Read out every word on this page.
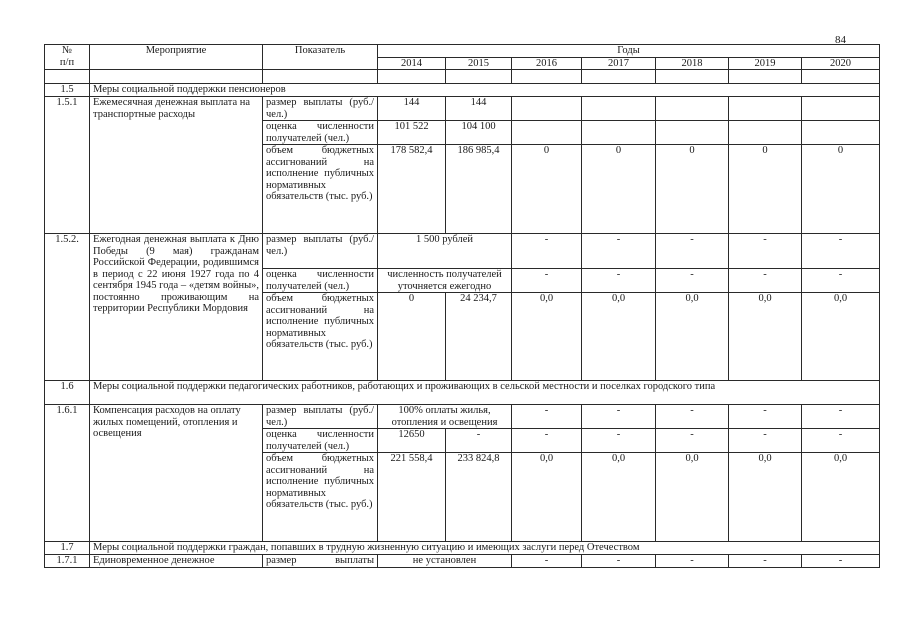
84
№
п/п	Мероприятие	Показатель	Годы						
			2014	2015	2016	2017	2018	2019	2020

1.5	Меры социальной поддержки пенсионеров								
1.5.1	Ежемесячная денежная выплата на транспортные расходы	размер выплаты (руб./ чел.)	144	144					
		оценка численности получателей (чел.)	101 522	104 100					
		объем бюджетных ассигнований на исполнение публичных нормативных обязательств (тыс. руб.)	178 582,4	186 985,4	0	0	0	0	0
1.5.2.	Ежегодная денежная выплата к Дню Победы (9 мая) гражданам Российской Федерации, родившимся в период с 22 июня 1927 года по 4 сентября 1945 года – «детям войны», постоянно проживающим на территории Республики Мордовия	размер выплаты (руб./ чел.)	1 500 рублей		-	-	-	-	-
		оценка численности получателей (чел.)	численность получателей уточняется ежегодно		-	-	-	-	-
		объем бюджетных ассигнований на исполнение публичных нормативных обязательств (тыс. руб.)	0	24 234,7	0,0	0,0	0,0	0,0	0,0
1.6	Меры социальной поддержки педагогических работников, работающих и проживающих в сельской местности и поселках городского типа								
1.6.1	Компенсация расходов на оплату жилых помещений, отопления и освещения	размер выплаты (руб./ чел.)	100% оплаты жилья, отопления и освещения		-	-	-	-	-
		оценка численности получателей (чел.)	12650	-	-	-	-	-	-
		объем бюджетных ассигнований на исполнение публичных нормативных обязательств (тыс. руб.)	221 558,4	233 824,8	0,0	0,0	0,0	0,0	0,0
1.7	Меры социальной поддержки граждан, попавших в трудную жизненную ситуацию и имеющих заслуги перед Отечеством								
1.7.1	Единовременное денежное	размер выплаты	не установлен		-	-	-	-	-
